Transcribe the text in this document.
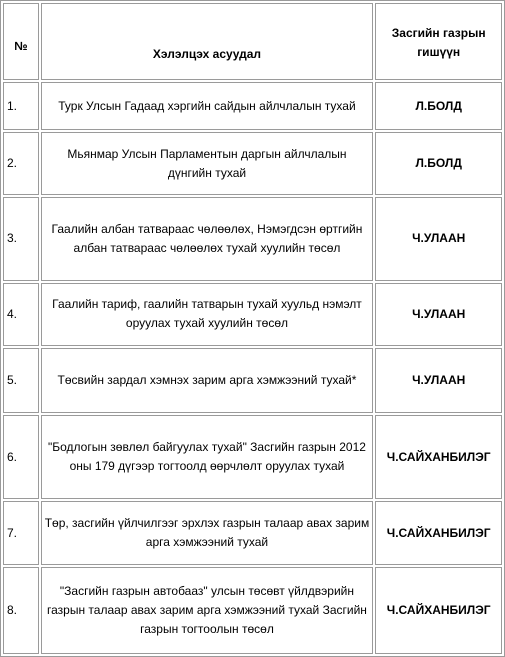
№	Хэлэлцэх асуудал	Засгийн газрын гишүүн
1.	Турк Улсын Гадаад хэргийн сайдын айлчлалын тухай	Л.БОЛД
2.	Мьянмар Улсын Парламентын даргын айлчлалын дүнгийн тухай	Л.БОЛД
3.	Гаалийн албан татвараас чөлөөлөх, Нэмэгдсэн өртгийн албан татвараас чөлөөлөх тухай хуулийн төсөл	Ч.УЛААН
4.	Гаалийн тариф, гаалийн татварын тухай хуульд нэмэлт оруулах тухай хуулийн төсөл	Ч.УЛААН
5.	Төсвийн зардал хэмнэх зарим арга хэмжээний тухай*	Ч.УЛААН
6.	"Бодлогын зөвлөл байгуулах тухай" Засгийн газрын 2012 оны 179 дүгээр тогтоолд өөрчлөлт оруулах тухай	Ч.САЙХАНБИЛЭГ
7.	Төр, засгийн үйлчилгээг эрхлэх газрын талаар авах зарим арга хэмжээний тухай	Ч.САЙХАНБИЛЭГ
8.	"Засгийн газрын автобааз" улсын төсөвт үйлдвэрийн газрын талаар авах зарим арга хэмжээний тухай Засгийн газрын тогтоолын төсөл	Ч.САЙХАНБИЛЭГ
